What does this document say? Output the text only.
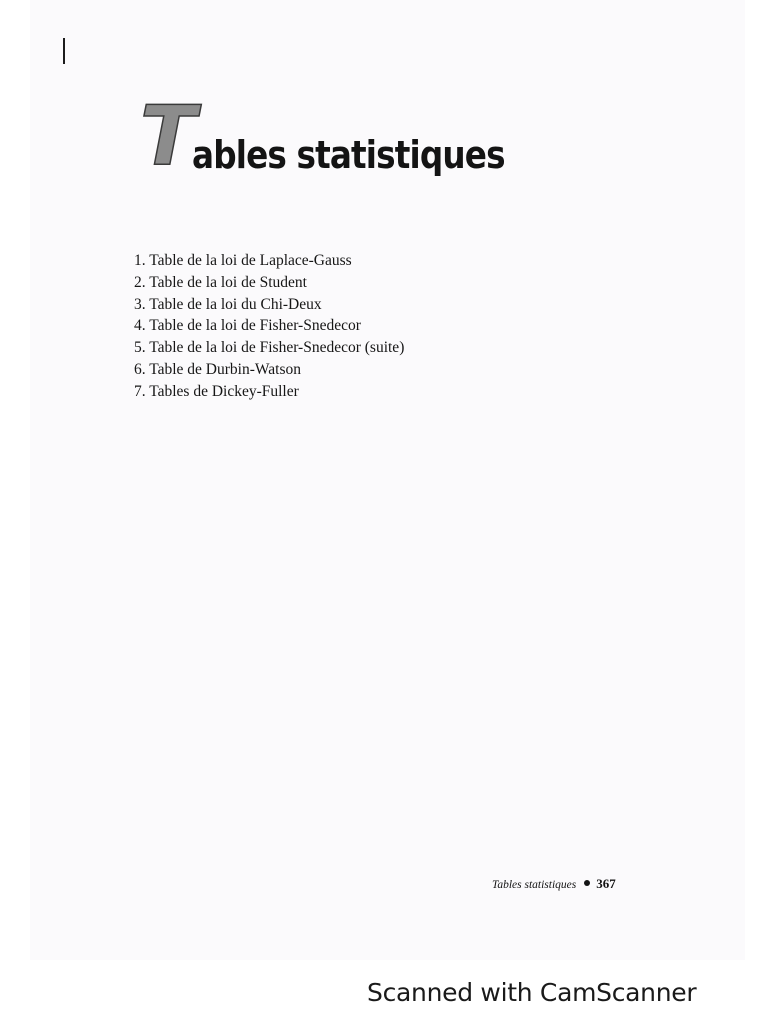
Tables statistiques
1. Table de la loi de Laplace-Gauss
2. Table de la loi de Student
3. Table de la loi du Chi-Deux
4. Table de la loi de Fisher-Snedecor
5. Table de la loi de Fisher-Snedecor (suite)
6. Table de Durbin-Watson
7. Tables de Dickey-Fuller
Tables statistiques 367
Scanned with CamScanner
